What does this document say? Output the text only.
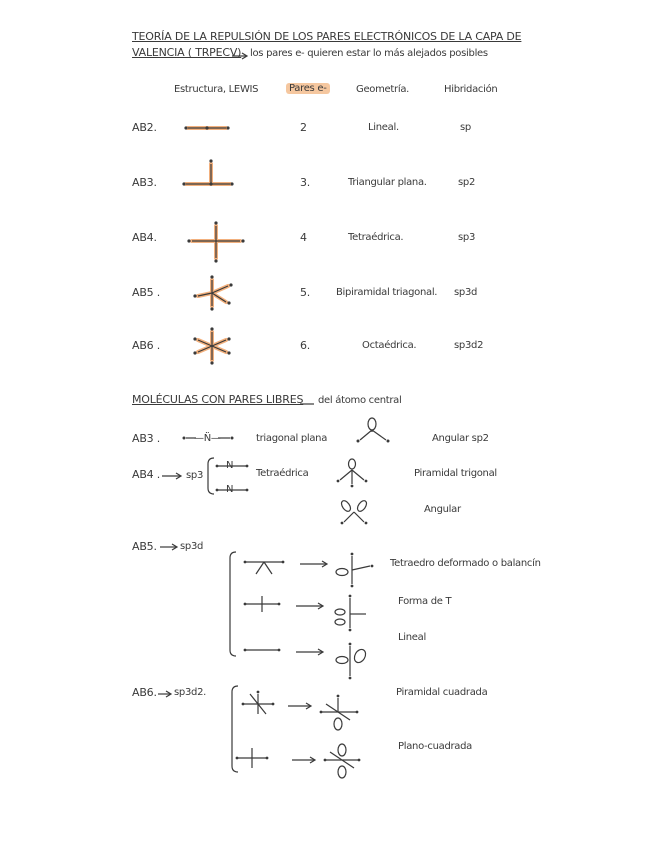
TEORÍA DE LA REPULSIÓN DE LOS PARES ELECTRÓNICOS DE LA CAPA DE
VALENCIA ( TRPECV) los pares e- quieren estar lo más alejados posibles
Estructura, LEWIS	Pares e-	Geometría.	Hibridación
AB2.	2	Lineal.	sp
AB3.	3.	Triangular plana.	sp2
AB4.	4	Tetraédrica.	sp3
AB5 .	5.	Bipiramidal triagonal. sp3d
AB6 .	6.	Octaédrica.	sp3d2
MOLÉCULAS CON PARES LIBRES del átomo central
AB3 .	—N̈—	triagonal plana	Angular sp2
AB4 .	sp3
N
N
Tetraédrica	Piramidal trigonal
Angular
AB5. sp3d
Tetraedro deformado o balancín
Forma de T
Lineal
AB6. sp3d2.	Piramidal cuadrada
Plano-cuadrada
